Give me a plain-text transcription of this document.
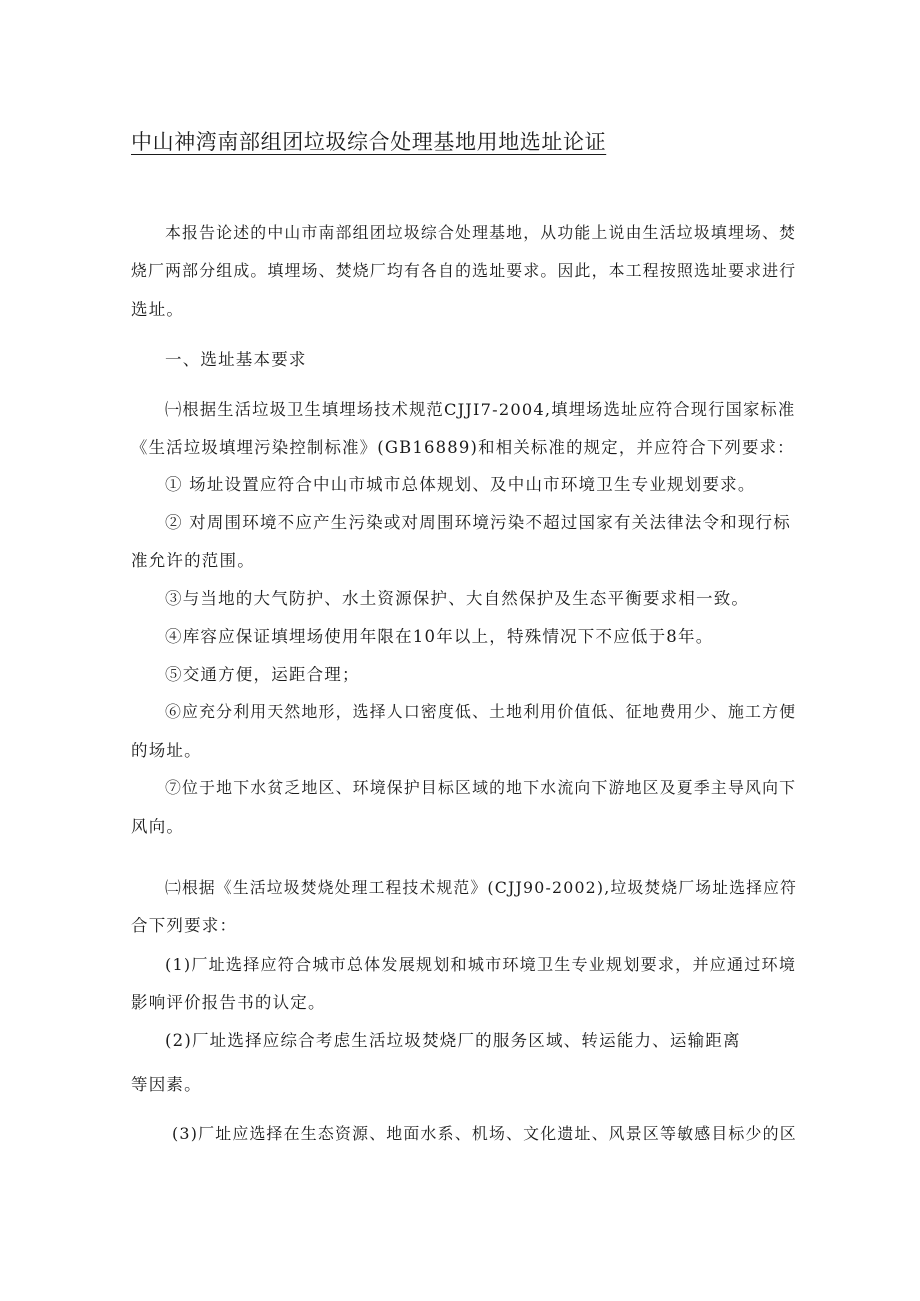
中山神湾南部组团垃圾综合处理基地用地选址论证

本报告论述的中山市南部组团垃圾综合处理基地，从功能上说由生活垃圾填埋场、焚

烧厂两部分组成。填埋场、焚烧厂均有各自的选址要求。因此，本工程按照选址要求进行

选址。

一、选址基本要求

㈠根据生活垃圾卫生填埋场技术规范CJJI7-2004,填埋场选址应符合现行国家标准

《生活垃圾填埋污染控制标准》(GB16889)和相关标准的规定，并应符合下列要求：

① 场址设置应符合中山市城市总体规划、及中山市环境卫生专业规划要求。

② 对周围环境不应产生污染或对周围环境污染不超过国家有关法律法令和现行标

准允许的范围。

③与当地的大气防护、水土资源保护、大自然保护及生态平衡要求相一致。

④库容应保证填埋场使用年限在10年以上，特殊情况下不应低于8年。

⑤交通方便，运距合理；

⑥应充分利用天然地形，选择人口密度低、土地利用价值低、征地费用少、施工方便

的场址。

⑦位于地下水贫乏地区、环境保护目标区域的地下水流向下游地区及夏季主导风向下

风向。

㈡根据《生活垃圾焚烧处理工程技术规范》(CJJ90-2002),垃圾焚烧厂场址选择应符

合下列要求：

(1)厂址选择应符合城市总体发展规划和城市环境卫生专业规划要求，并应通过环境

影响评价报告书的认定。

(2)厂址选择应综合考虑生活垃圾焚烧厂的服务区域、转运能力、运输距离

等因素。

(3)厂址应选择在生态资源、地面水系、机场、文化遗址、风景区等敏感目标少的区
